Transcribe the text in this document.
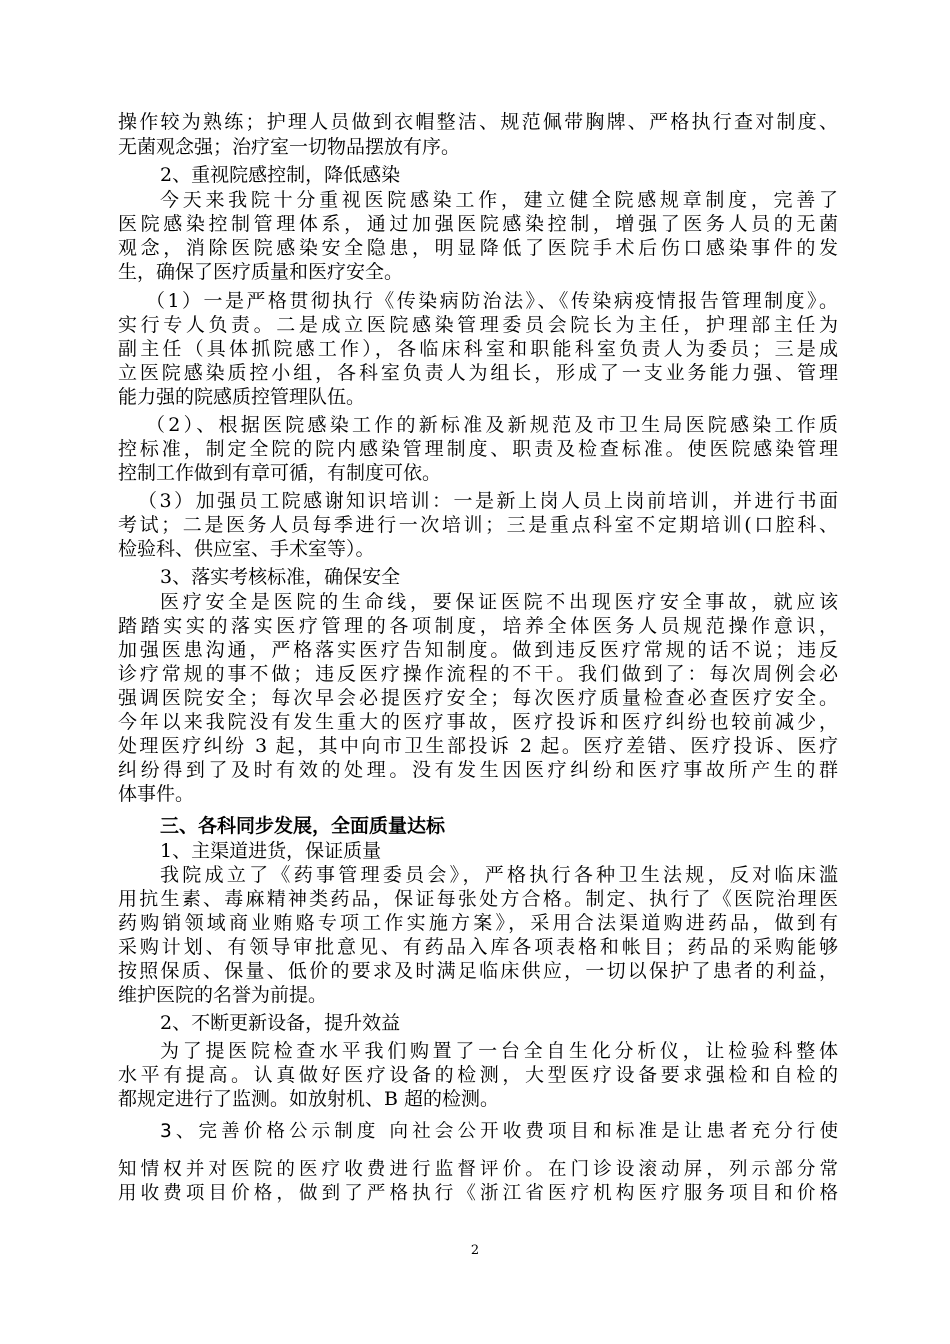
操作较为熟练；护理人员做到衣帽整洁、规范佩带胸牌、严格执行查对制度、

无菌观念强；治疗室一切物品摆放有序。

2、重视院感控制，降低感染

今天来我院十分重视医院感染工作，建立健全院感规章制度，完善了

医院感染控制管理体系，通过加强医院感染控制，增强了医务人员的无菌

观念，消除医院感染安全隐患，明显降低了医院手术后伤口感染事件的发

生，确保了医疗质量和医疗安全。

（1）一是严格贯彻执行《传染病防治法》、《传染病疫情报告管理制度》。

实行专人负责。二是成立医院感染管理委员会院长为主任，护理部主任为

副主任（具体抓院感工作），各临床科室和职能科室负责人为委员；三是成

立医院感染质控小组，各科室负责人为组长，形成了一支业务能力强、管理

能力强的院感质控管理队伍。

（2）、根据医院感染工作的新标准及新规范及市卫生局医院感染工作质

控标准，制定全院的院内感染管理制度、职责及检查标准。使医院感染管理

控制工作做到有章可循，有制度可依。

（3）加强员工院感谢知识培训：一是新上岗人员上岗前培训，并进行书面

考试；二是医务人员每季进行一次培训；三是重点科室不定期培训(口腔科、

检验科、供应室、手术室等）。

3、落实考核标准，确保安全

医疗安全是医院的生命线，要保证医院不出现医疗安全事故，就应该

踏踏实实的落实医疗管理的各项制度，培养全体医务人员规范操作意识，

加强医患沟通，严格落实医疗告知制度。做到违反医疗常规的话不说；违反

诊疗常规的事不做；违反医疗操作流程的不干。我们做到了：每次周例会必

强调医院安全；每次早会必提医疗安全；每次医疗质量检查必查医疗安全。

今年以来我院没有发生重大的医疗事故，医疗投诉和医疗纠纷也较前减少，

处理医疗纠纷 3 起，其中向市卫生部投诉 2 起。医疗差错、医疗投诉、医疗

纠纷得到了及时有效的处理。没有发生因医疗纠纷和医疗事故所产生的群

体事件。

三、各科同步发展，全面质量达标

1、主渠道进货，保证质量

我院成立了《药事管理委员会》，严格执行各种卫生法规，反对临床滥

用抗生素、毒麻精神类药品，保证每张处方合格。制定、执行了《医院治理医

药购销领域商业贿赂专项工作实施方案》，采用合法渠道购进药品，做到有

采购计划、有领导审批意见、有药品入库各项表格和帐目；药品的采购能够

按照保质、保量、低价的要求及时满足临床供应，一切以保护了患者的利益，

维护医院的名誉为前提。

2、不断更新设备，提升效益

为了提医院检查水平我们购置了一台全自生化分析仪，让检验科整体

水平有提高。认真做好医疗设备的检测，大型医疗设备要求强检和自检的

都规定进行了监测。如放射机、B 超的检测。

3、完善价格公示制度 向社会公开收费项目和标准是让患者充分行使

知情权并对医院的医疗收费进行监督评价。在门诊设滚动屏，列示部分常

用收费项目价格，做到了严格执行《浙江省医疗机构医疗服务项目和价格

2
